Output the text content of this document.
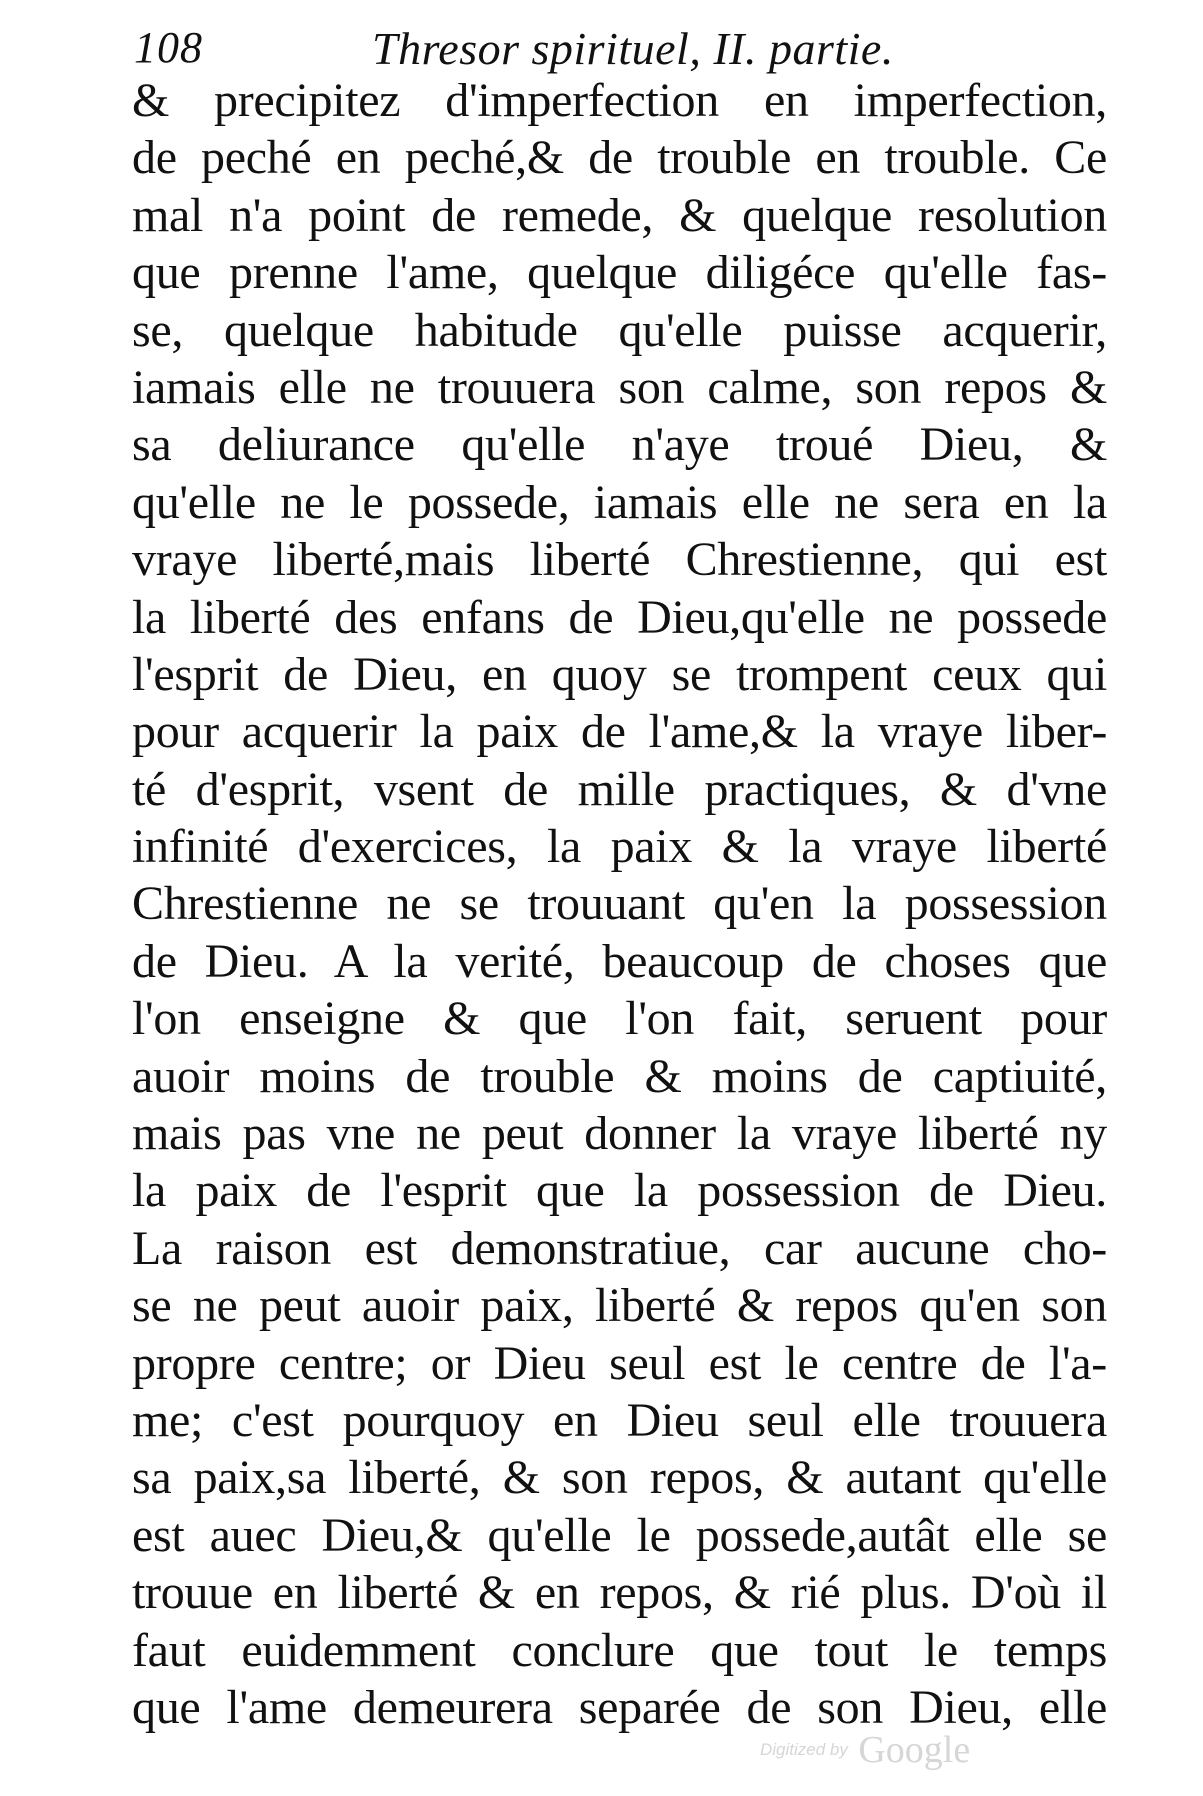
108	Thresor spirituel, II. partie.
& precipitez d'imperfection en imperfection,
de peché en peché,& de trouble en trouble. Ce
mal n'a point de remede, & quelque resolution
que prenne l'ame, quelque diligéce qu'elle fas-
se, quelque habitude qu'elle puisse acquerir,
iamais elle ne trouuera son calme, son repos &
sa deliurance qu'elle n'aye troué Dieu, &
qu'elle ne le possede, iamais elle ne sera en la
vraye liberté,mais liberté Chrestienne, qui est
la liberté des enfans de Dieu,qu'elle ne possede
l'esprit de Dieu, en quoy se trompent ceux qui
pour acquerir la paix de l'ame,& la vraye liber-
té d'esprit, vsent de mille practiques, & d'vne
infinité d'exercices, la paix & la vraye liberté
Chrestienne ne se trouuant qu'en la possession
de Dieu. A la verité, beaucoup de choses que
l'on enseigne & que l'on fait, seruent pour
auoir moins de trouble & moins de captiuité,
mais pas vne ne peut donner la vraye liberté ny
la paix de l'esprit que la possession de Dieu.
La raison est demonstratiue, car aucune cho-
se ne peut auoir paix, liberté & repos qu'en son
propre centre; or Dieu seul est le centre de l'a-
me; c'est pourquoy en Dieu seul elle trouuera
sa paix,sa liberté, & son repos, & autant qu'elle
est auec Dieu,& qu'elle le possede,autât elle se
trouue en liberté & en repos, & rié plus. D'où il
faut euidemment conclure que tout le temps
que l'ame demeurera separée de son Dieu, elle
Digitized by Google
